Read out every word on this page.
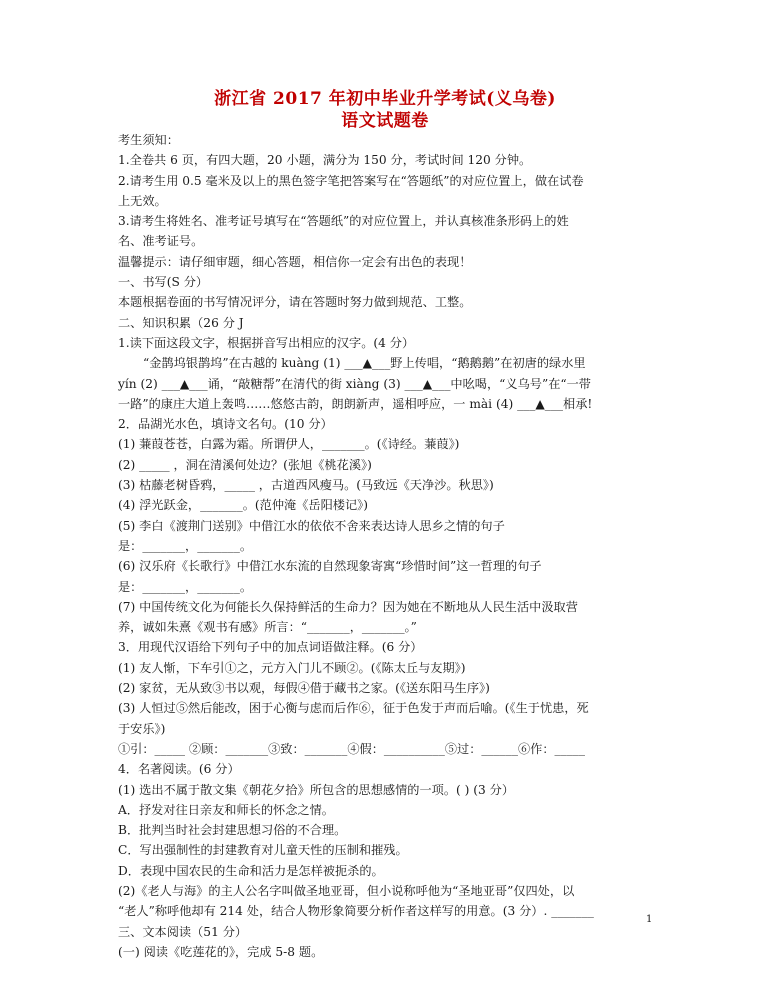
浙江省 2017 年初中毕业升学考试(义乌卷)
语文试题卷

考生须知：

1.全卷共 6 页，有四大题，20 小题，满分为 150 分，考试时间 120 分钟。

2.请考生用 0.5 毫米及以上的黑色签字笔把答案写在“答题纸”的对应位置上，做在试卷

上无效。

3.请考生将姓名、准考证号填写在“答题纸”的对应位置上，并认真核准条形码上的姓

名、准考证号。

温馨提示：请仔细审题，细心答题，相信你一定会有出色的表现！

一、书写(S 分）

本题根据卷面的书写情况评分，请在答题时努力做到规范、工整。

二、知识积累（26 分 J

1.读下面这段文字，根据拼音写出相应的汉字。(4 分）

“金鹊坞银鹊坞”在古越的 kuàng (1) ___▲___野上传唱，“鹅鹅鹅”在初唐的绿水里

yín (2) ___▲___诵，“敲糖帮”在清代的街 xiàng (3) ___▲___中吆喝，“义乌号”在“一带

一路”的康庄大道上轰鸣……悠悠古韵，朗朗新声，遥相呼应，一 mài (4) ___▲___相承!

2．品湖光水色，填诗文名句。(10 分）

(1) 蒹葭苍苍，白露为霜。所谓伊人，_______。(《诗经。蒹葭》)

(2) _____ ，洞在清溪何处边？(张旭《桃花溪》)

(3) 枯藤老树昏鸦，_____ ，古道西风瘦马。(马致远《天净沙。秋思》)

(4) 浮光跃金，_______。(范仲淹《岳阳楼记》)

(5) 李白《渡荆门送别》中借江水的依依不舍来表达诗人思乡之情的句子

是：_______，_______。

(6) 汉乐府《长歌行》中借江水东流的自然现象寄寓“珍惜时间”这一哲理的句子

是：_______，_______。

(7) 中国传统文化为何能长久保持鲜活的生命力？因为她在不断地从人民生活中汲取营

养，诚如朱熹《观书有感》所言：“_______，_______。”

3．用现代汉语给下列句子中的加点词语做注释。(6 分）

(1) 友人惭，下车引①之，元方入门儿不顾②。(《陈太丘与友期》)

(2) 家贫，无从致③书以观，每假④借于藏书之家。(《送东阳马生序》)

(3) 人恒过⑤然后能改，困于心衡与虑而后作⑥，征于色发于声而后喻。(《生于忧患，死

于安乐》)

①引：_____ ②顾：_______③致：_______④假：__________⑤过：______⑥作：_____

4．名著阅读。(6 分）

(1) 选出不属于散文集《朝花夕拾》所包含的思想感情的一项。( ) (3 分）

A．抒发对往日亲友和师长的怀念之情。

B．批判当时社会封建思想习俗的不合理。

C．写出强制性的封建教育对儿童天性的压制和摧残。

D．表现中国农民的生命和活力是怎样被扼杀的。

(2)《老人与海》的主人公名字叫做圣地亚哥，但小说称呼他为“圣地亚哥”仅四处，以

“老人”称呼他却有 214 处，结合人物形象简要分析作者这样写的用意。(3 分）. _______

三、文本阅读（51 分）

(一) 阅读《吃莲花的》，完成 5-8 题。

1
